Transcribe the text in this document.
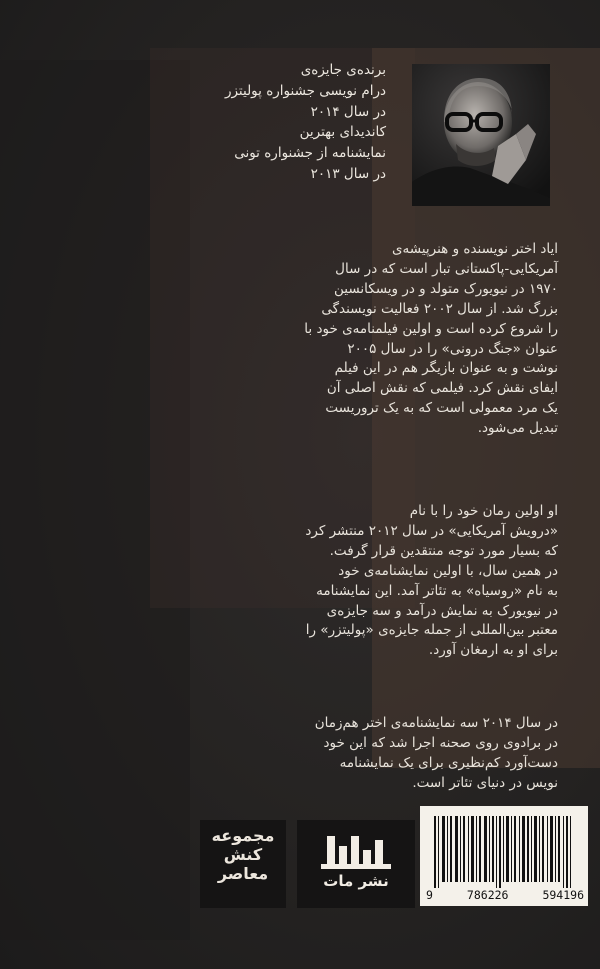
برنده‌ی جایزه‌ی

درام نویسی جشنواره پولیتزر

در سال ۲۰۱۴

کاندیدای بهترین

نمایشنامه از جشنواره تونی

در سال ۲۰۱۳

ایاد اختر نویسنده و هنرپیشه‌ی

آمریکایی-پاکستانی تبار است که در سال

۱۹۷۰ در نیویورک متولد و در ویسکانسین

بزرگ شد. از سال ۲۰۰۲ فعالیت نویسندگی

را شروع کرده است و اولین فیلمنامه‌ی خود با

عنوان «جنگ درونی» را در سال ۲۰۰۵

نوشت و به عنوان بازیگر هم در این فیلم

ایفای نقش کرد. فیلمی که نقش اصلی آن

یک مرد معمولی است که به یک تروریست

تبدیل می‌شود.

او اولین رمان خود را با نام

«درویش آمریکایی» در سال ۲۰۱۲ منتشر کرد

که بسیار مورد توجه منتقدین قرار گرفت.

در همین سال، با اولین نمایشنامه‌ی خود

به نام «روسیاه» به تئاتر آمد. این نمایشنامه

در نیویورک به نمایش درآمد و سه جایزه‌ی

معتبر بین‌المللی از جمله جایزه‌ی «پولیتزر» را

برای او به ارمغان آورد.

در سال ۲۰۱۴ سه نمایشنامه‌ی اختر هم‌زمان

در برادوی روی صحنه اجرا شد که این خود

دست‌آورد کم‌نظیری برای یک نمایشنامه

نویس در دنیای تئاتر است.

مجموعه
کنش
معاصر	نشر مات
9	786226	594196
